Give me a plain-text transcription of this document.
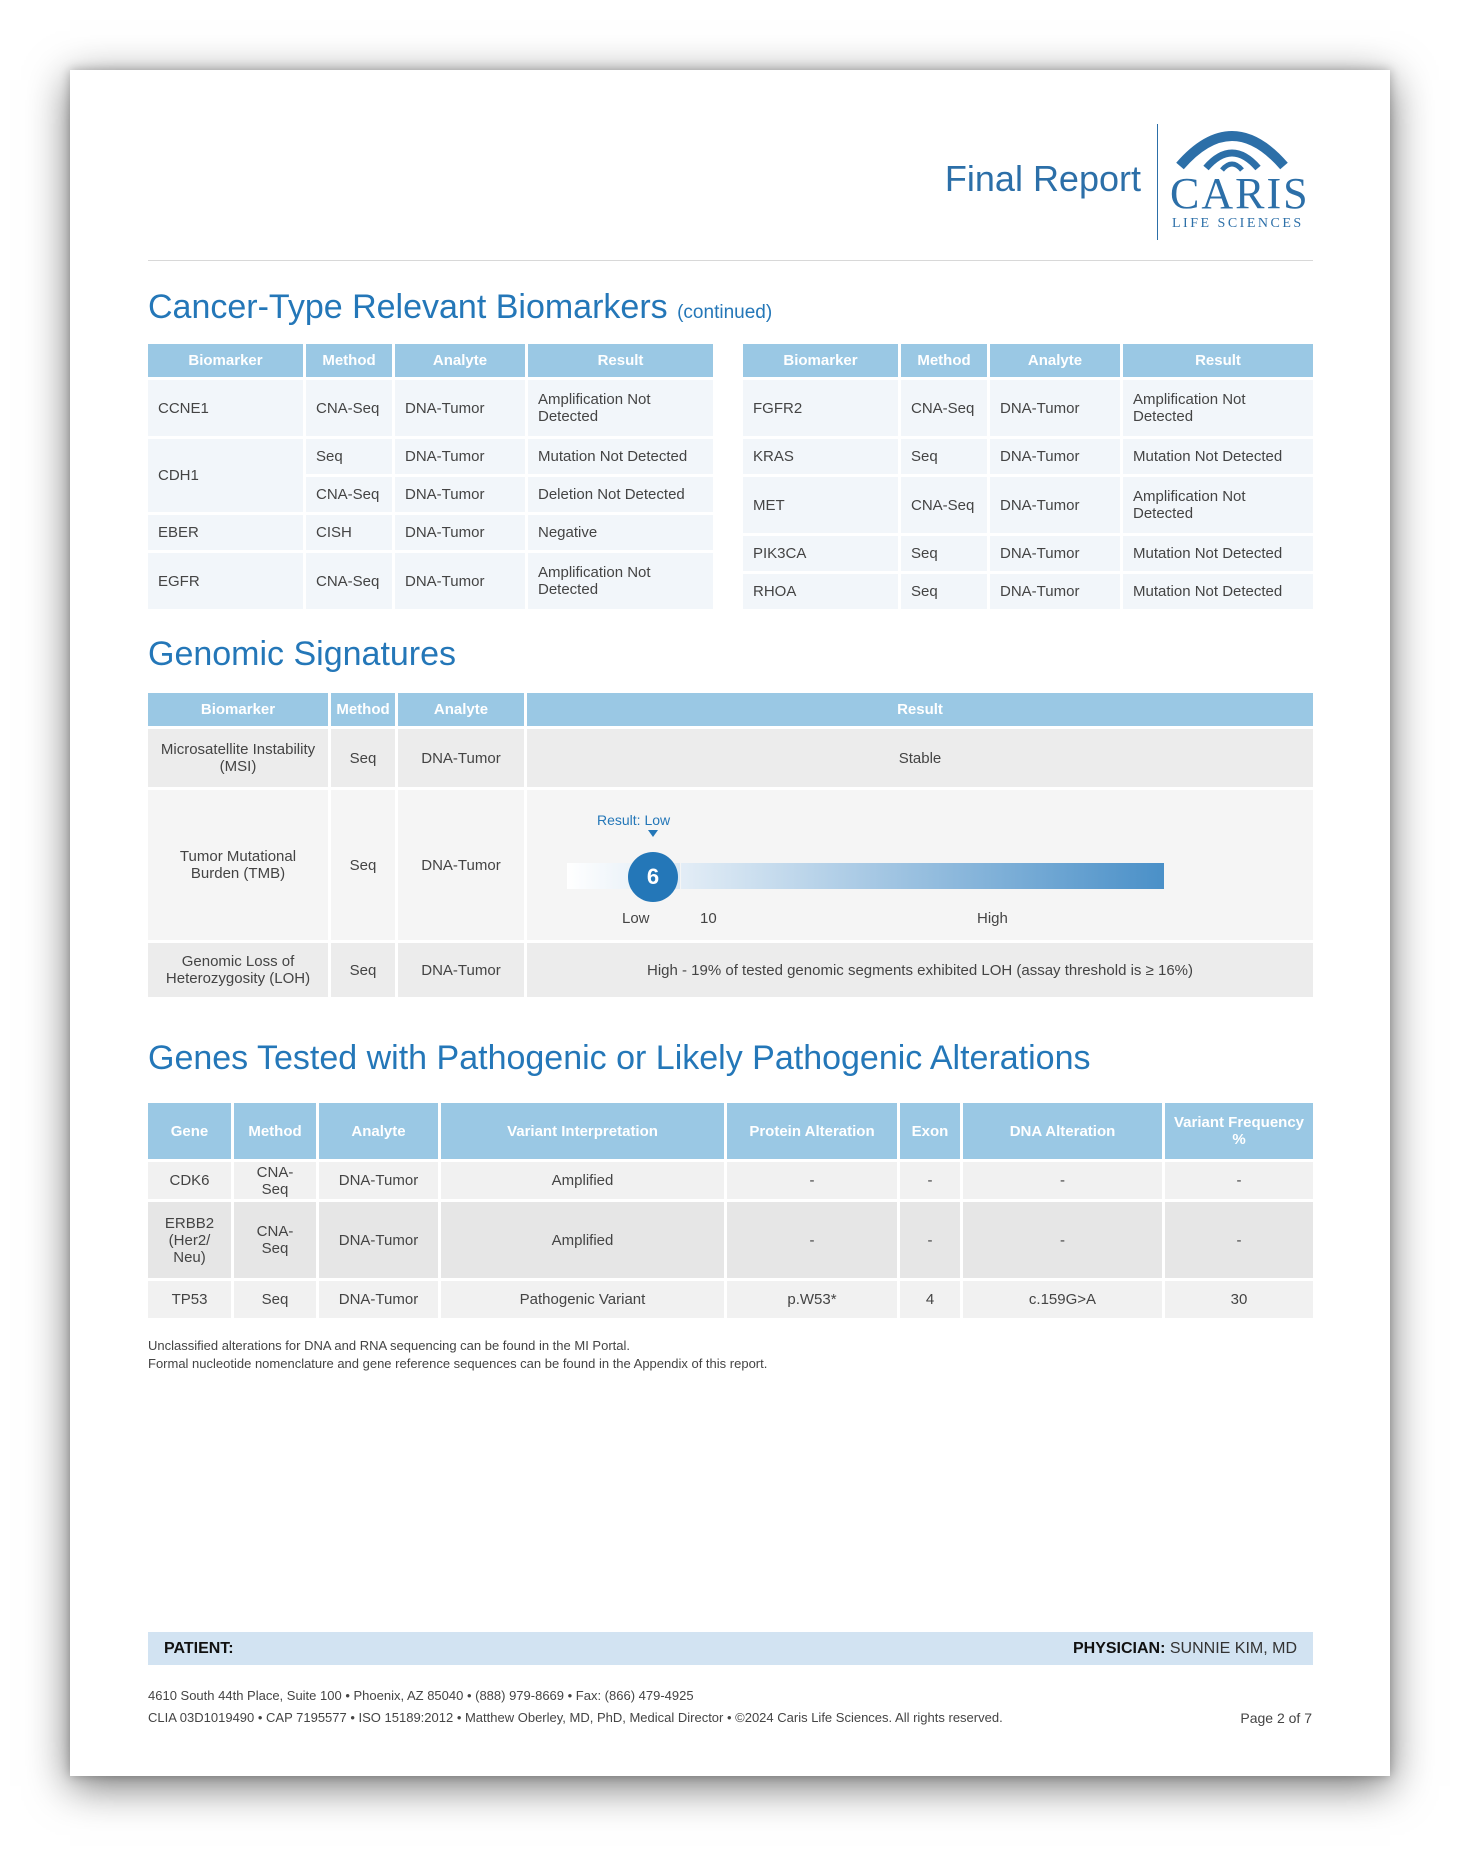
Final Report CARIS
LIFE SCIENCES
Cancer-Type Relevant Biomarkers (continued)
Biomarker	Method	Analyte	Result
CCNE1	CNA-Seq	DNA-Tumor	Amplification Not Detected
CDH1	Seq	DNA-Tumor	Mutation Not Detected
	CNA-Seq	DNA-Tumor	Deletion Not Detected
EBER	CISH	DNA-Tumor	Negative
EGFR	CNA-Seq	DNA-Tumor	Amplification Not Detected
Biomarker	Method	Analyte	Result
FGFR2	CNA-Seq	DNA-Tumor	Amplification Not Detected
KRAS	Seq	DNA-Tumor	Mutation Not Detected
MET	CNA-Seq	DNA-Tumor	Amplification Not Detected
PIK3CA	Seq	DNA-Tumor	Mutation Not Detected
RHOA	Seq	DNA-Tumor	Mutation Not Detected
Genomic Signatures
Biomarker	Method	Analyte	Result
Microsatellite Instability (MSI)	Seq	DNA-Tumor	Stable
Tumor Mutational Burden (TMB)	Seq	DNA-Tumor	Result: Low
6
Low 10 High

Genomic Loss of Heterozygosity (LOH)	Seq	DNA-Tumor	High - 19% of tested genomic segments exhibited LOH (assay threshold is ≥ 16%)
Genes Tested with Pathogenic or Likely Pathogenic Alterations
Gene	Method	Analyte	Variant Interpretation	Protein Alteration	Exon	DNA Alteration	Variant Frequency %
CDK6	CNA-Seq	DNA-Tumor	Amplified	-	-	-	-
ERBB2 (Her2/ Neu)	CNA-Seq	DNA-Tumor	Amplified	-	-	-	-
TP53	Seq	DNA-Tumor	Pathogenic Variant	p.W53*	4	c.159G>A	30
Unclassified alterations for DNA and RNA sequencing can be found in the MI Portal.
Formal nucleotide nomenclature and gene reference sequences can be found in the Appendix of this report.
PATIENT:	PHYSICIAN: SUNNIE KIM, MD
4610 South 44th Place, Suite 100 • Phoenix, AZ 85040 • (888) 979-8669 • Fax: (866) 479-4925
CLIA 03D1019490 • CAP 7195577 • ISO 15189:2012 • Matthew Oberley, MD, PhD, Medical Director • ©2024 Caris Life Sciences. All rights reserved.	Page 2 of 7
